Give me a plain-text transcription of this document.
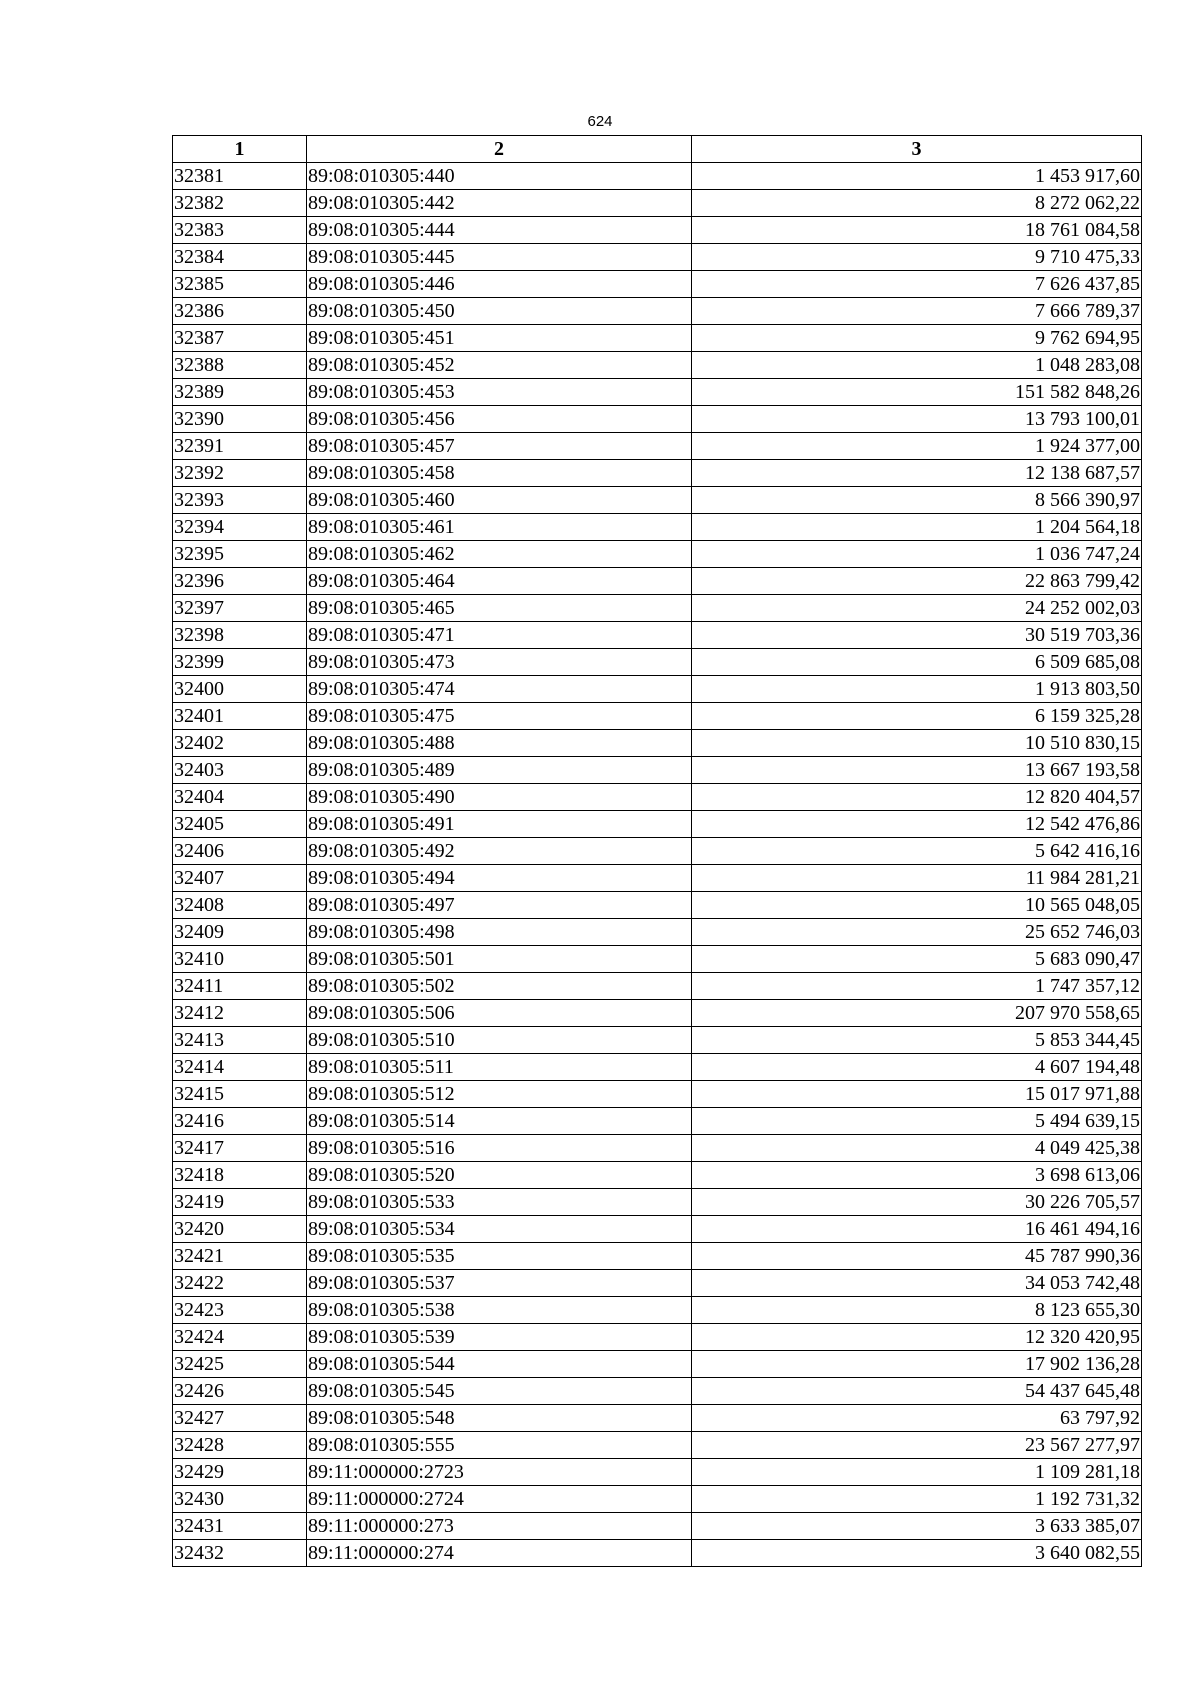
624
1	2	3
32381	89:08:010305:440	1 453 917,60
32382	89:08:010305:442	8 272 062,22
32383	89:08:010305:444	18 761 084,58
32384	89:08:010305:445	9 710 475,33
32385	89:08:010305:446	7 626 437,85
32386	89:08:010305:450	7 666 789,37
32387	89:08:010305:451	9 762 694,95
32388	89:08:010305:452	1 048 283,08
32389	89:08:010305:453	151 582 848,26
32390	89:08:010305:456	13 793 100,01
32391	89:08:010305:457	1 924 377,00
32392	89:08:010305:458	12 138 687,57
32393	89:08:010305:460	8 566 390,97
32394	89:08:010305:461	1 204 564,18
32395	89:08:010305:462	1 036 747,24
32396	89:08:010305:464	22 863 799,42
32397	89:08:010305:465	24 252 002,03
32398	89:08:010305:471	30 519 703,36
32399	89:08:010305:473	6 509 685,08
32400	89:08:010305:474	1 913 803,50
32401	89:08:010305:475	6 159 325,28
32402	89:08:010305:488	10 510 830,15
32403	89:08:010305:489	13 667 193,58
32404	89:08:010305:490	12 820 404,57
32405	89:08:010305:491	12 542 476,86
32406	89:08:010305:492	5 642 416,16
32407	89:08:010305:494	11 984 281,21
32408	89:08:010305:497	10 565 048,05
32409	89:08:010305:498	25 652 746,03
32410	89:08:010305:501	5 683 090,47
32411	89:08:010305:502	1 747 357,12
32412	89:08:010305:506	207 970 558,65
32413	89:08:010305:510	5 853 344,45
32414	89:08:010305:511	4 607 194,48
32415	89:08:010305:512	15 017 971,88
32416	89:08:010305:514	5 494 639,15
32417	89:08:010305:516	4 049 425,38
32418	89:08:010305:520	3 698 613,06
32419	89:08:010305:533	30 226 705,57
32420	89:08:010305:534	16 461 494,16
32421	89:08:010305:535	45 787 990,36
32422	89:08:010305:537	34 053 742,48
32423	89:08:010305:538	8 123 655,30
32424	89:08:010305:539	12 320 420,95
32425	89:08:010305:544	17 902 136,28
32426	89:08:010305:545	54 437 645,48
32427	89:08:010305:548	63 797,92
32428	89:08:010305:555	23 567 277,97
32429	89:11:000000:2723	1 109 281,18
32430	89:11:000000:2724	1 192 731,32
32431	89:11:000000:273	3 633 385,07
32432	89:11:000000:274	3 640 082,55
